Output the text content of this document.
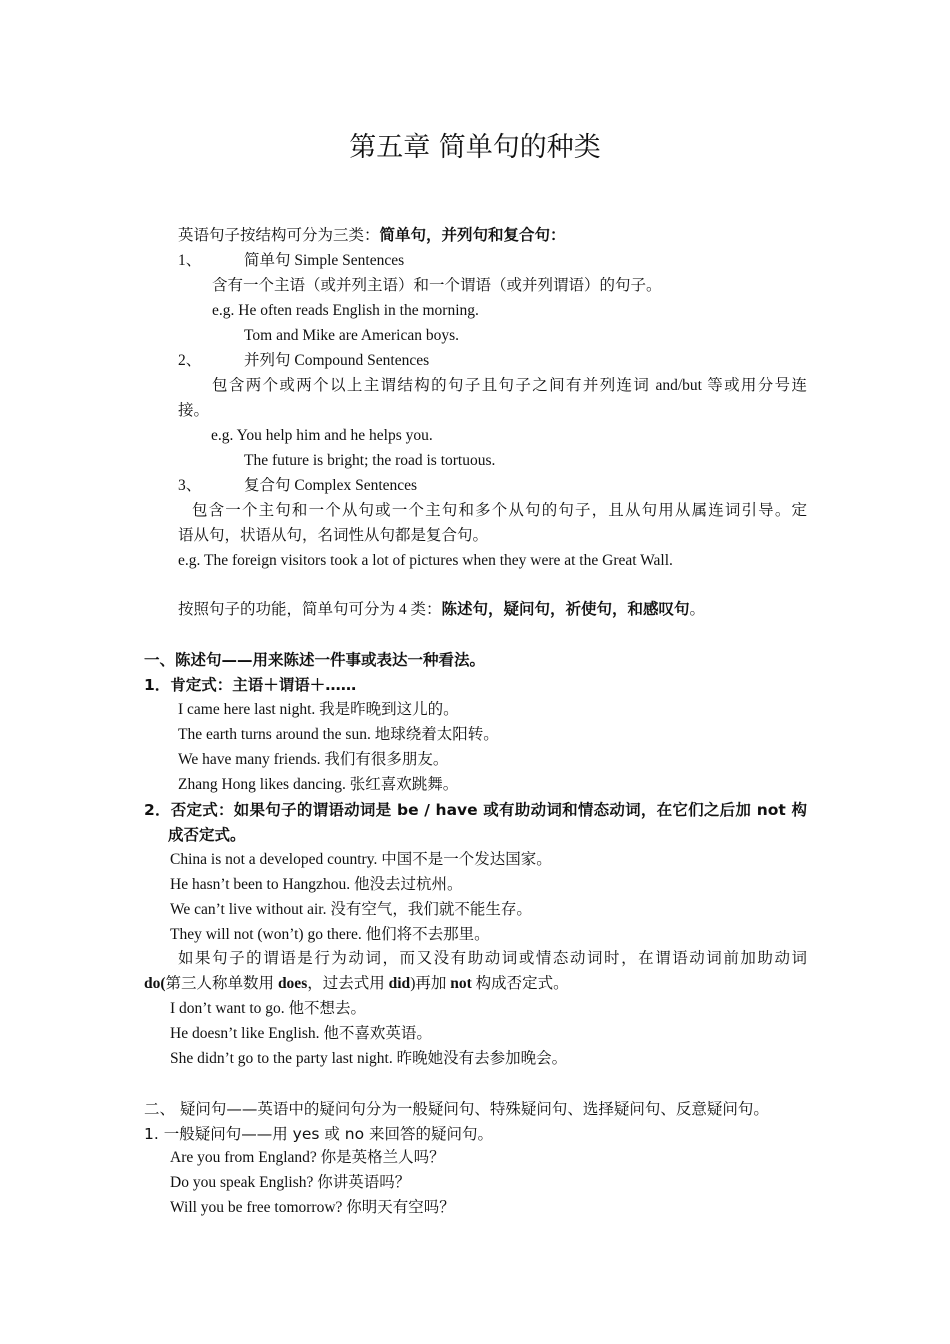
第五章 简单句的种类
英语句子按结构可分为三类：简单句，并列句和复合句：
1、	简单句 Simple Sentences
含有一个主语（或并列主语）和一个谓语（或并列谓语）的句子。
e.g. He often reads English in the morning.
Tom and Mike are American boys.
2、	并列句 Compound Sentences
包含两个或两个以上主谓结构的句子且句子之间有并列连词 and/but 等或用分号连
接。
e.g. You help him and he helps you.
The future is bright; the road is tortuous.
3、	复合句 Complex Sentences
包含一个主句和一个从句或一个主句和多个从句的句子，且从句用从属连词引导。定
语从句，状语从句，名词性从句都是复合句。
e.g. The foreign visitors took a lot of pictures when they were at the Great Wall.
按照句子的功能，简单句可分为 4 类：陈述句，疑问句，祈使句，和感叹句。
一、陈述句——用来陈述一件事或表达一种看法。
1．肯定式：主语＋谓语＋……
I came here last night. 我是昨晚到这儿的。
The earth turns around the sun. 地球绕着太阳转。
We have many friends. 我们有很多朋友。
Zhang Hong likes dancing. 张红喜欢跳舞。
2．否定式：如果句子的谓语动词是 be / have 或有助动词和情态动词，在它们之后加 not 构
成否定式。
China is not a developed country. 中国不是一个发达国家。
He hasn’t been to Hangzhou. 他没去过杭州。
We can’t live without air. 没有空气，我们就不能生存。
They will not (won’t) go there. 他们将不去那里。
如果句子的谓语是行为动词，而又没有助动词或情态动词时，在谓语动词前加助动词
do(第三人称单数用 does，过去式用 did)再加 not 构成否定式。
I don’t want to go. 他不想去。
He doesn’t like English. 他不喜欢英语。
She didn’t go to the party last night. 昨晚她没有去参加晚会。
二、 疑问句——英语中的疑问句分为一般疑问句、特殊疑问句、选择疑问句、反意疑问句。
1. 一般疑问句——用 yes 或 no 来回答的疑问句。
Are you from England? 你是英格兰人吗？
Do you speak English? 你讲英语吗？
Will you be free tomorrow? 你明天有空吗？
